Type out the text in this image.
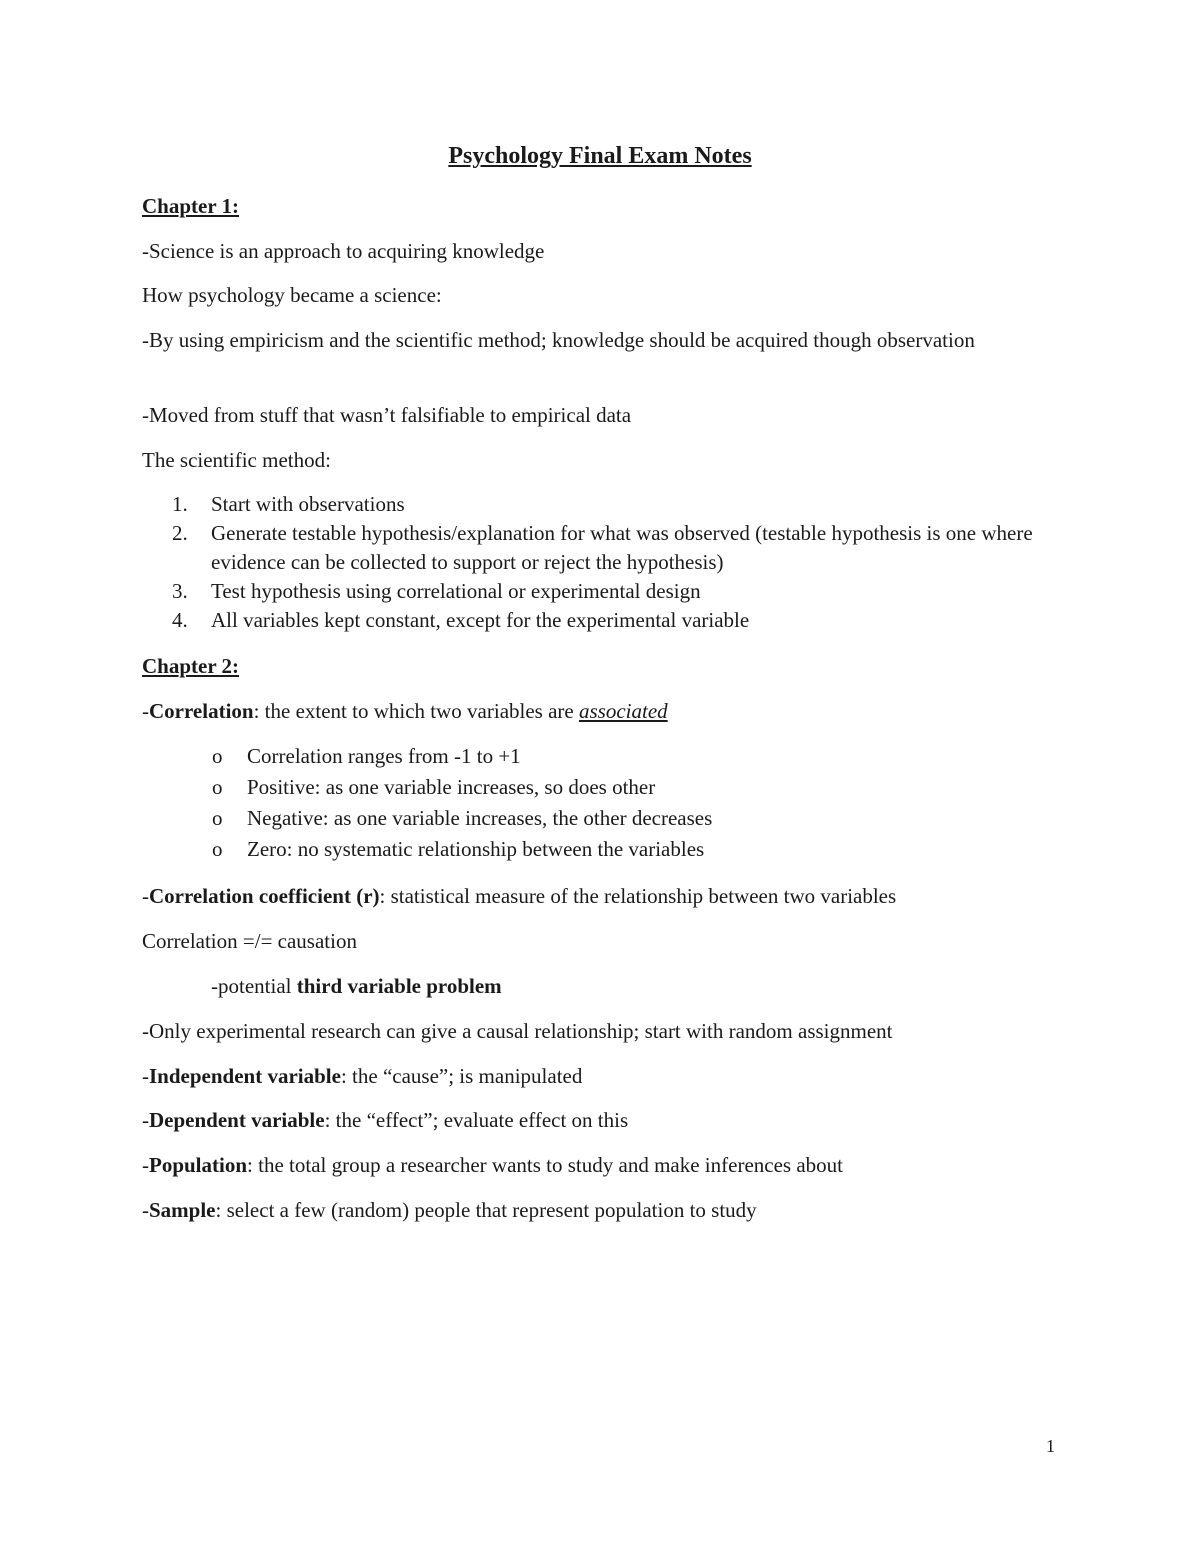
Psychology Final Exam Notes

Chapter 1:

-Science is an approach to acquiring knowledge

How psychology became a science:

-By using empiricism and the scientific method; knowledge should be acquired though observation

-Moved from stuff that wasn’t falsifiable to empirical data

The scientific method:

1.	Start with observations
2.	Generate testable hypothesis/explanation for what was observed (testable hypothesis is one where evidence can be collected to support or reject the hypothesis)
3.	Test hypothesis using correlational or experimental design
4.	All variables kept constant, except for the experimental variable

Chapter 2:

-Correlation: the extent to which two variables are associated

o Correlation ranges from -1 to +1
o Positive: as one variable increases, so does other
o Negative: as one variable increases, the other decreases
o Zero: no systematic relationship between the variables

-Correlation coefficient (r): statistical measure of the relationship between two variables

Correlation =/= causation

-potential third variable problem

-Only experimental research can give a causal relationship; start with random assignment

-Independent variable: the “cause”; is manipulated

-Dependent variable: the “effect”; evaluate effect on this

-Population: the total group a researcher wants to study and make inferences about

-Sample: select a few (random) people that represent population to study

1
